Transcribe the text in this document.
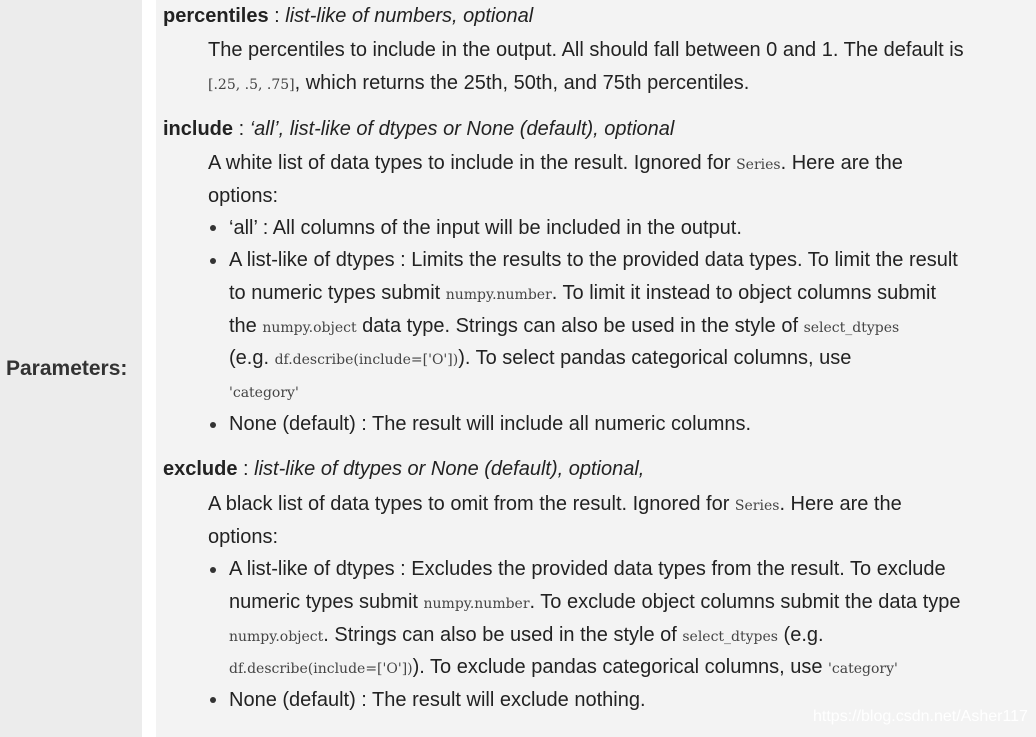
Parameters:
percentiles : list-like of numbers, optional
The percentiles to include in the output. All should fall between 0 and 1. The default is
[.25, .5, .75], which returns the 25th, 50th, and 75th percentiles.
include : ‘all’, list-like of dtypes or None (default), optional
A white list of data types to include in the result. Ignored for Series. Here are the
options:
‘all’ : All columns of the input will be included in the output.
A list-like of dtypes : Limits the results to the provided data types. To limit the result
to numeric types submit numpy.number. To limit it instead to object columns submit
the numpy.object data type. Strings can also be used in the style of select_dtypes
(e.g. df.describe(include=['O'])). To select pandas categorical columns, use
'category'
None (default) : The result will include all numeric columns.
exclude : list-like of dtypes or None (default), optional,
A black list of data types to omit from the result. Ignored for Series. Here are the
options:
A list-like of dtypes : Excludes the provided data types from the result. To exclude
numeric types submit numpy.number. To exclude object columns submit the data type
numpy.object. Strings can also be used in the style of select_dtypes (e.g.
df.describe(include=['O'])). To exclude pandas categorical columns, use 'category'
None (default) : The result will exclude nothing.
https://blog.csdn.net/Asher117
